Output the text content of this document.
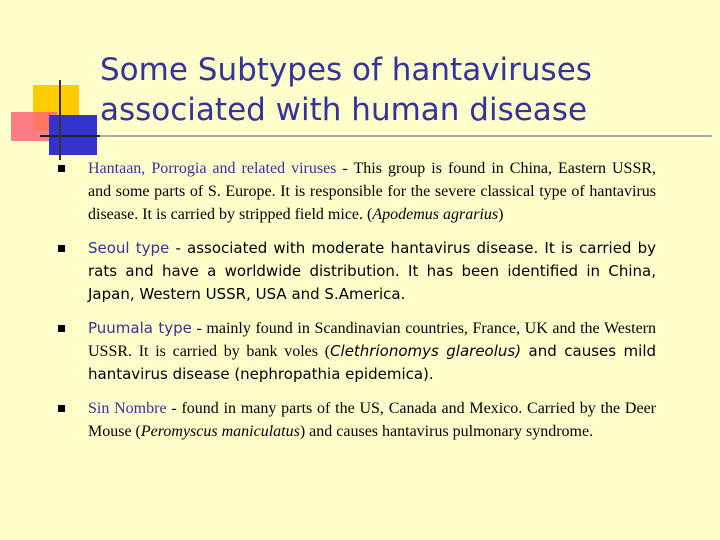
Some Subtypes of hantaviruses
associated with human disease
Hantaan, Porrogia and related viruses - This group is found in China, Eastern USSR, and some parts of S. Europe. It is responsible for the severe classical type of hantavirus disease. It is carried by stripped field mice. (Apodemus agrarius)
Seoul type - associated with moderate hantavirus disease. It is carried by rats and have a worldwide distribution. It has been identified in China, Japan, Western USSR, USA and S.America.
Puumala type - mainly found in Scandinavian countries, France, UK and the Western USSR. It is carried by bank voles (Clethrionomys glareolus) and causes mild hantavirus disease (nephropathia epidemica).
Sin Nombre - found in many parts of the US, Canada and Mexico. Carried by the Deer Mouse (Peromyscus maniculatus) and causes hantavirus pulmonary syndrome.
